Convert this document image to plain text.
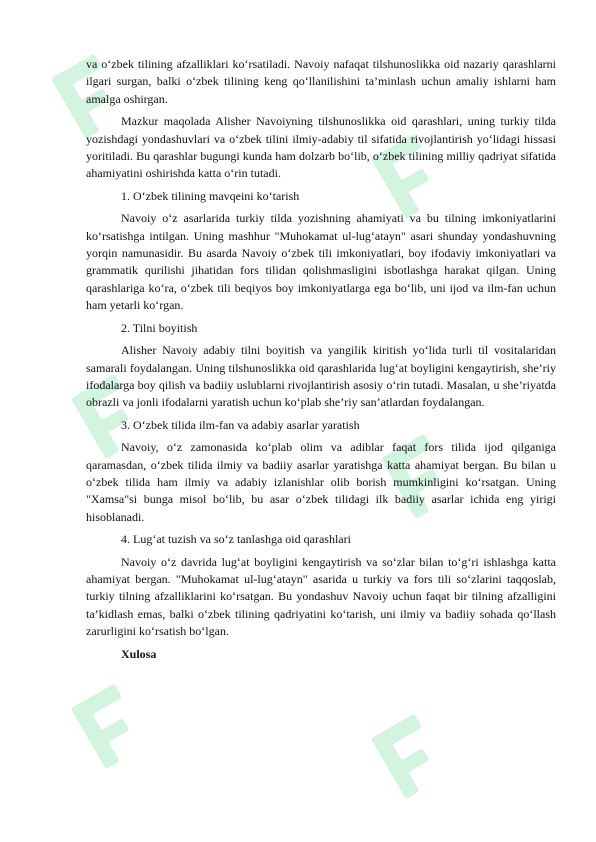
va o‘zbek tilining afzalliklari ko‘rsatiladi. Navoiy nafaqat tilshunoslikka oid nazariy qarashlarni ilgari surgan, balki o‘zbek tilining keng qo‘llanilishini ta’minlash uchun amaliy ishlarni ham amalga oshirgan.

Mazkur maqolada Alisher Navoiyning tilshunoslikka oid qarashlari, uning turkiy tilda yozishdagi yondashuvlari va o‘zbek tilini ilmiy-adabiy til sifatida rivojlantirish yo‘lidagi hissasi yoritiladi. Bu qarashlar bugungi kunda ham dolzarb bo‘lib, o‘zbek tilining milliy qadriyat sifatida ahamiyatini oshirishda katta o‘rin tutadi.

1. O‘zbek tilining mavqeini ko‘tarish

Navoiy o‘z asarlarida turkiy tilda yozishning ahamiyati va bu tilning imkoniyatlarini ko‘rsatishga intilgan. Uning mashhur "Muhokamat ul-lug‘atayn" asari shunday yondashuvning yorqin namunasidir. Bu asarda Navoiy o‘zbek tili imkoniyatlari, boy ifodaviy imkoniyatlari va grammatik qurilishi jihatidan fors tilidan qolishmasligini isbotlashga harakat qilgan. Uning qarashlariga ko‘ra, o‘zbek tili beqiyos boy imkoniyatlarga ega bo‘lib, uni ijod va ilm-fan uchun ham yetarli ko‘rgan.

2. Tilni boyitish

Alisher Navoiy adabiy tilni boyitish va yangilik kiritish yo‘lida turli til vositalaridan samarali foydalangan. Uning tilshunoslikka oid qarashlarida lug‘at boyligini kengaytirish, she’riy ifodalarga boy qilish va badiiy uslublarni rivojlantirish asosiy o‘rin tutadi. Masalan, u she’riyatda obrazli va jonli ifodalarni yaratish uchun ko‘plab she’riy san’atlardan foydalangan.

3. O‘zbek tilida ilm-fan va adabiy asarlar yaratish

Navoiy, o‘z zamonasida ko‘plab olim va adiblar faqat fors tilida ijod qilganiga qaramasdan, o‘zbek tilida ilmiy va badiiy asarlar yaratishga katta ahamiyat bergan. Bu bilan u o‘zbek tilida ham ilmiy va adabiy izlanishlar olib borish mumkinligini ko‘rsatgan. Uning "Xamsa"si bunga misol bo‘lib, bu asar o‘zbek tilidagi ilk badiiy asarlar ichida eng yirigi hisoblanadi.

4. Lug‘at tuzish va so‘z tanlashga oid qarashlari

Navoiy o‘z davrida lug‘at boyligini kengaytirish va so‘zlar bilan to‘g‘ri ishlashga katta ahamiyat bergan. "Muhokamat ul-lug‘atayn" asarida u turkiy va fors tili so‘zlarini taqqoslab, turkiy tilning afzalliklarini ko‘rsatgan. Bu yondashuv Navoiy uchun faqat bir tilning afzalligini ta’kidlash emas, balki o‘zbek tilining qadriyatini ko‘tarish, uni ilmiy va badiiy sohada qo‘llash zarurligini ko‘rsatish bo‘lgan.

Xulosa
